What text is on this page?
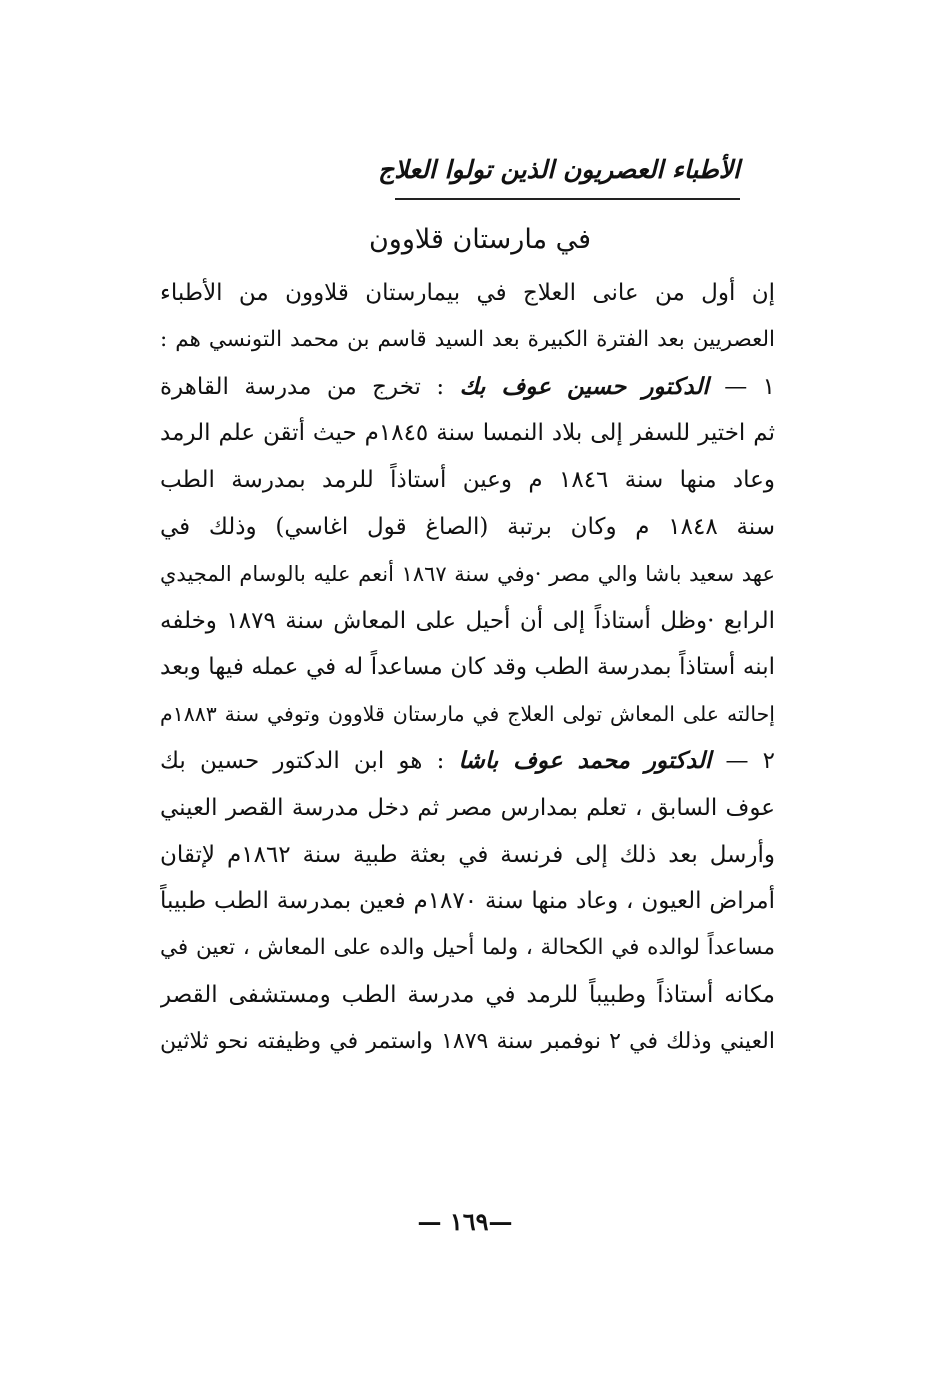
الأطباء العصريون الذين تولوا العلاج
في مارستان قلاوون
إن أول من عانى العلاج في بيمارستان قلاوون من الأطباء
العصريين بعد الفترة الكبيرة بعد السيد قاسم بن محمد التونسي هم :
١ — الدكتور حسين عوف بك : تخرج من مدرسة القاهرة
ثم اختير للسفر إلى بلاد النمسا سنة ١٨٤٥م حيث أتقن علم الرمد
وعاد منها سنة ١٨٤٦ م وعين أستاذاً للرمد بمدرسة الطب
سنة ١٨٤٨ م وكان برتبة (الصاغ قول اغاسي) وذلك في
عهد سعيد باشا والي مصر ·وفي سنة ١٨٦٧ أنعم عليه بالوسام المجيدي
الرابع ·وظل أستاذاً إلى أن أحيل على المعاش سنة ١٨٧٩ وخلفه
ابنه أستاذاً بمدرسة الطب وقد كان مساعداً له في عمله فيها وبعد
إحالته على المعاش تولى العلاج في مارستان قلاوون وتوفي سنة ١٨٨٣م
٢ — الدكتور محمد عوف باشا : هو ابن الدكتور حسين بك
عوف السابق ، تعلم بمدارس مصر ثم دخل مدرسة القصر العيني
وأرسل بعد ذلك إلى فرنسة في بعثة طبية سنة ١٨٦٢م لإتقان
أمراض العيون ، وعاد منها سنة ١٨٧٠م فعين بمدرسة الطب طبيباً
مساعداً لوالده في الكحالة ، ولما أحيل والده على المعاش ، تعين في
مكانه أستاذاً وطبيباً للرمد في مدرسة الطب ومستشفى القصر
العيني وذلك في ٢ نوفمبر سنة ١٨٧٩ واستمر في وظيفته نحو ثلاثين
—١٦٩ —
